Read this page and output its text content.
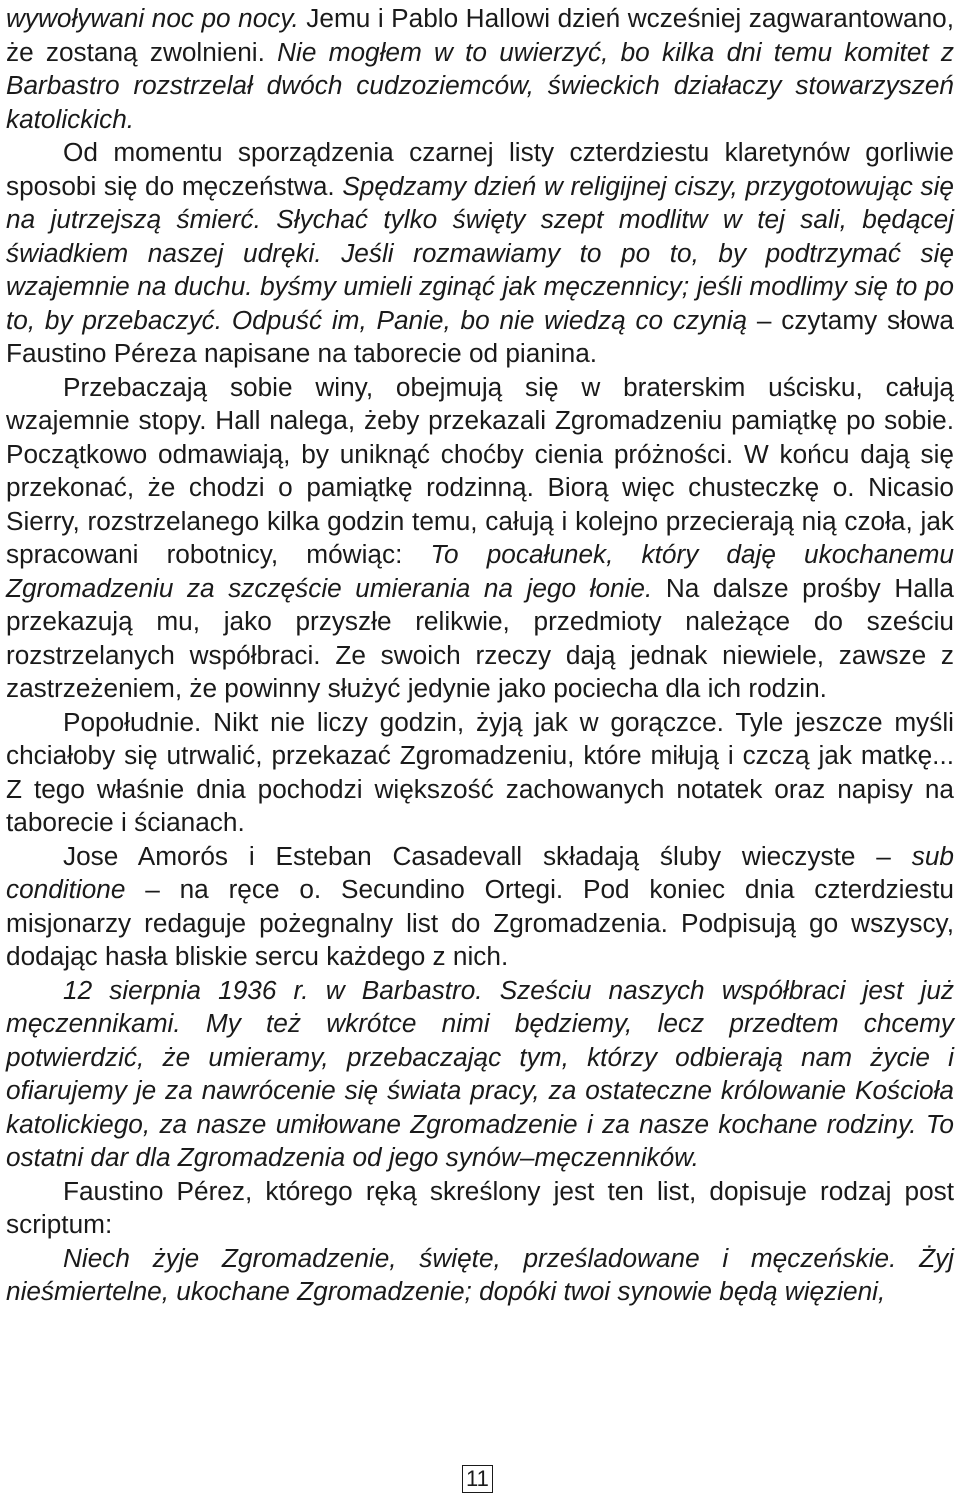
wywoływani noc po nocy. Jemu i Pablo Hallowi dzień wcześniej zagwarantowano, że zostaną zwolnieni. Nie mogłem w to uwierzyć, bo kilka dni temu komitet z Barbastro rozstrzelał dwóch cudzoziemców, świeckich działaczy stowarzyszeń katolickich.

Od momentu sporządzenia czarnej listy czterdziestu klaretynów gorliwie sposobi się do męczeństwa. Spędzamy dzień w religijnej ciszy, przygotowując się na jutrzejszą śmierć. Słychać tylko święty szept modlitw w tej sali, będącej świadkiem naszej udręki. Jeśli rozmawiamy to po to, by podtrzymać się wzajemnie na duchu. byśmy umieli zginąć jak męczennicy; jeśli modlimy się to po to, by przebaczyć. Odpuść im, Panie, bo nie wiedzą co czynią – czytamy słowa Faustino Péreza napisane na taborecie od pianina.

Przebaczają sobie winy, obejmują się w braterskim uścisku, całują wzajemnie stopy. Hall nalega, żeby przekazali Zgromadzeniu pamiątkę po sobie. Początkowo odmawiają, by uniknąć choćby cienia próżności. W końcu dają się przekonać, że chodzi o pamiątkę rodzinną. Biorą więc chusteczkę o. Nicasio Sierry, rozstrzelanego kilka godzin temu, całują i kolejno przecierają nią czoła, jak spracowani robotnicy, mówiąc: To pocałunek, który daję ukochanemu Zgromadzeniu za szczęście umierania na jego łonie. Na dalsze prośby Halla przekazują mu, jako przyszłe relikwie, przedmioty należące do sześciu rozstrzelanych współbraci. Ze swoich rzeczy dają jednak niewiele, zawsze z zastrzeżeniem, że powinny służyć jedynie jako pociecha dla ich rodzin.

Popołudnie. Nikt nie liczy godzin, żyją jak w gorączce. Tyle jeszcze myśli chciałoby się utrwalić, przekazać Zgromadzeniu, które miłują i czczą jak matkę... Z tego właśnie dnia pochodzi większość zachowanych notatek oraz napisy na taborecie i ścianach.

Jose Amorós i Esteban Casadevall składają śluby wieczyste – sub conditione – na ręce o. Secundino Ortegi. Pod koniec dnia czterdziestu misjonarzy redaguje pożegnalny list do Zgromadzenia. Podpisują go wszyscy, dodając hasła bliskie sercu każdego z nich.

12 sierpnia 1936 r. w Barbastro. Sześciu naszych współbraci jest już męczennikami. My też wkrótce nimi będziemy, lecz przedtem chcemy potwierdzić, że umieramy, przebaczając tym, którzy odbierają nam życie i ofiarujemy je za nawrócenie się świata pracy, za ostateczne królowanie Kościoła katolickiego, za nasze umiłowane Zgromadzenie i za nasze kochane rodziny. To ostatni dar dla Zgromadzenia od jego synów–męczenników.

Faustino Pérez, którego ręką skreślony jest ten list, dopisuje rodzaj post scriptum:

Niech żyje Zgromadzenie, święte, prześladowane i męczeńskie. Żyj nieśmiertelne, ukochane Zgromadzenie; dopóki twoi synowie będą więzieni,

11
